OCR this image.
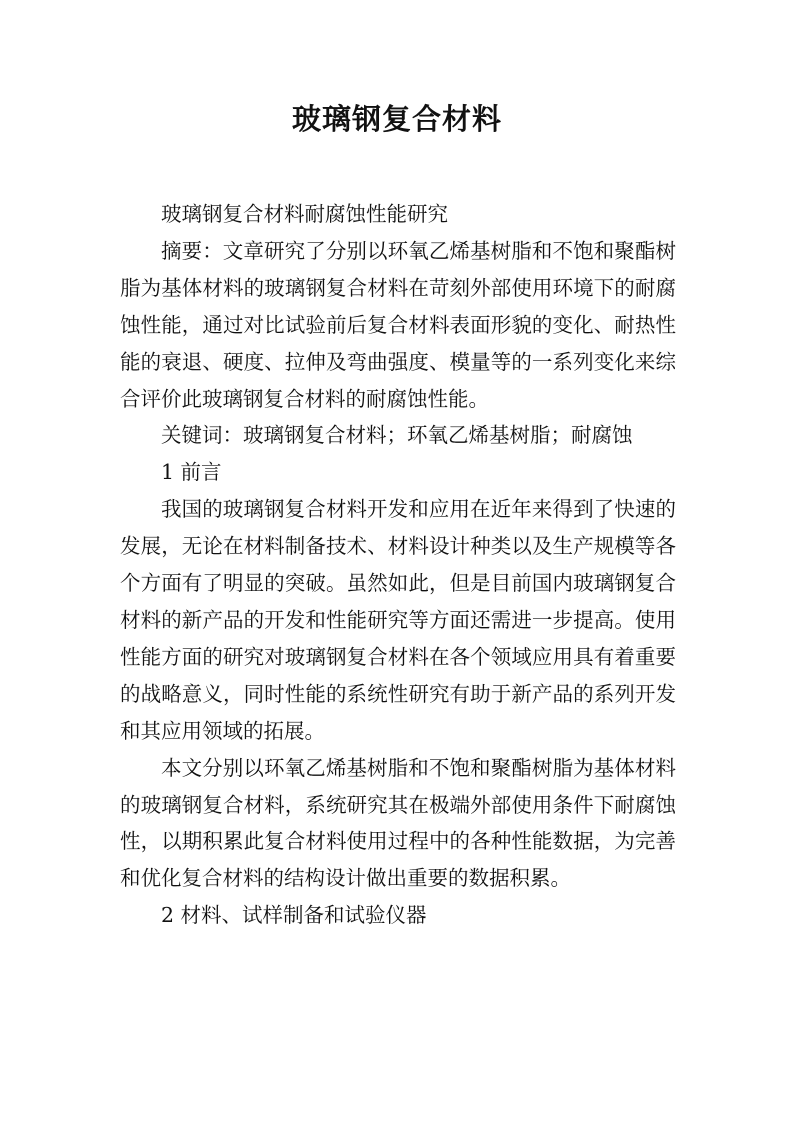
玻璃钢复合材料

玻璃钢复合材料耐腐蚀性能研究

摘要：文章研究了分别以环氧乙烯基树脂和不饱和聚酯树脂为基体材料的玻璃钢复合材料在苛刻外部使用环境下的耐腐蚀性能，通过对比试验前后复合材料表面形貌的变化、耐热性能的衰退、硬度、拉伸及弯曲强度、模量等的一系列变化来综合评价此玻璃钢复合材料的耐腐蚀性能。

关键词：玻璃钢复合材料；环氧乙烯基树脂；耐腐蚀

1 前言

我国的玻璃钢复合材料开发和应用在近年来得到了快速的发展，无论在材料制备技术、材料设计种类以及生产规模等各个方面有了明显的突破。虽然如此，但是目前国内玻璃钢复合材料的新产品的开发和性能研究等方面还需进一步提高。使用性能方面的研究对玻璃钢复合材料在各个领域应用具有着重要的战略意义，同时性能的系统性研究有助于新产品的系列开发和其应用领域的拓展。

本文分别以环氧乙烯基树脂和不饱和聚酯树脂为基体材料的玻璃钢复合材料，系统研究其在极端外部使用条件下耐腐蚀性，以期积累此复合材料使用过程中的各种性能数据，为完善和优化复合材料的结构设计做出重要的数据积累。

2 材料、试样制备和试验仪器
